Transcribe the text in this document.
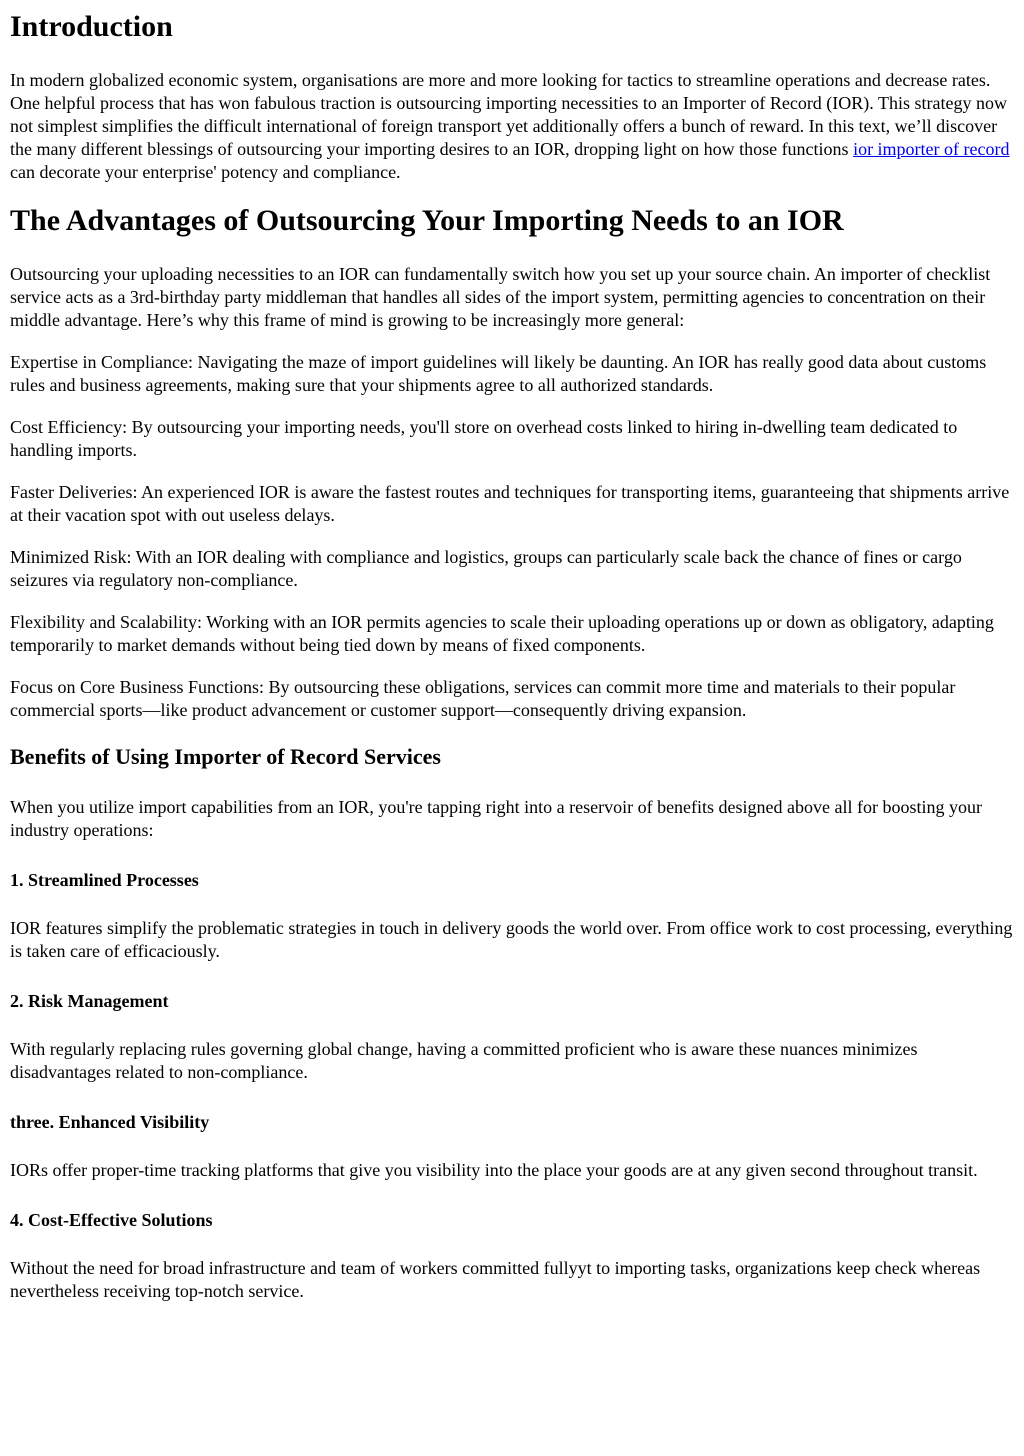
Introduction

In modern globalized economic system, organisations are more and more looking for tactics to streamline operations and decrease rates. One helpful process that has won fabulous traction is outsourcing importing necessities to an Importer of Record (IOR). This strategy now not simplest simplifies the difficult international of foreign transport yet additionally offers a bunch of reward. In this text, we’ll discover the many different blessings of outsourcing your importing desires to an IOR, dropping light on how those functions ior importer of record can decorate your enterprise' potency and compliance.

The Advantages of Outsourcing Your Importing Needs to an IOR

Outsourcing your uploading necessities to an IOR can fundamentally switch how you set up your source chain. An importer of checklist service acts as a 3rd-birthday party middleman that handles all sides of the import system, permitting agencies to concentration on their middle advantage. Here’s why this frame of mind is growing to be increasingly more general:

Expertise in Compliance: Navigating the maze of import guidelines will likely be daunting. An IOR has really good data about customs rules and business agreements, making sure that your shipments agree to all authorized standards.

Cost Efficiency: By outsourcing your importing needs, you'll store on overhead costs linked to hiring in-dwelling team dedicated to handling imports.

Faster Deliveries: An experienced IOR is aware the fastest routes and techniques for transporting items, guaranteeing that shipments arrive at their vacation spot with out useless delays.

Minimized Risk: With an IOR dealing with compliance and logistics, groups can particularly scale back the chance of fines or cargo seizures via regulatory non-compliance.

Flexibility and Scalability: Working with an IOR permits agencies to scale their uploading operations up or down as obligatory, adapting temporarily to market demands without being tied down by means of fixed components.

Focus on Core Business Functions: By outsourcing these obligations, services can commit more time and materials to their popular commercial sports—like product advancement or customer support—consequently driving expansion.

Benefits of Using Importer of Record Services

When you utilize import capabilities from an IOR, you're tapping right into a reservoir of benefits designed above all for boosting your industry operations:

1. Streamlined Processes

IOR features simplify the problematic strategies in touch in delivery goods the world over. From office work to cost processing, everything is taken care of efficaciously.

2. Risk Management

With regularly replacing rules governing global change, having a committed proficient who is aware these nuances minimizes disadvantages related to non-compliance.

three. Enhanced Visibility

IORs offer proper-time tracking platforms that give you visibility into the place your goods are at any given second throughout transit.

4. Cost-Effective Solutions

Without the need for broad infrastructure and team of workers committed fullyyt to importing tasks, organizations keep check whereas nevertheless receiving top-notch service.
